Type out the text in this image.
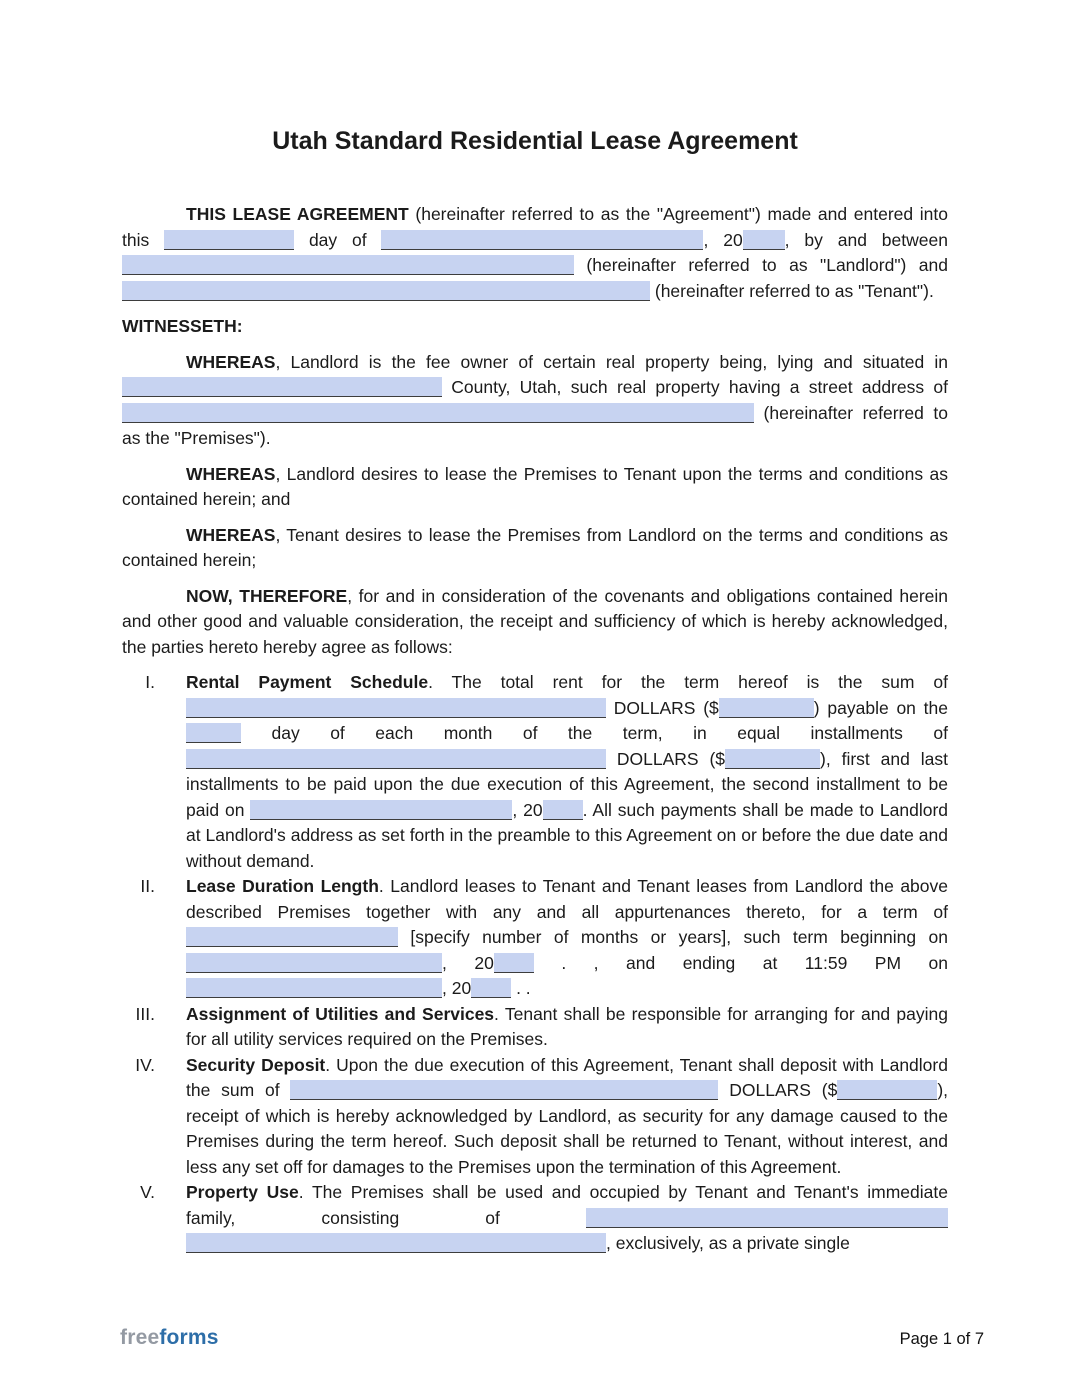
Utah Standard Residential Lease Agreement

THIS LEASE AGREEMENT (hereinafter referred to as the "Agreement") made and entered into this	day of	, 20 , by and between  (hereinafter referred to as "Landlord") and  (hereinafter referred to as "Tenant").

WITNESSETH:

WHEREAS, Landlord is the fee owner of certain real property being, lying and situated in  County, Utah, such real property having a street address of  (hereinafter referred to as the "Premises").

WHEREAS, Landlord desires to lease the Premises to Tenant upon the terms and conditions as contained herein; and

WHEREAS, Tenant desires to lease the Premises from Landlord on the terms and conditions as contained herein;

NOW, THEREFORE, for and in consideration of the covenants and obligations contained herein and other good and valuable consideration, the receipt and sufficiency of which is hereby acknowledged, the parties hereto hereby agree as follows:

I. Rental Payment Schedule. The total rent for the term hereof is the sum of  DOLLARS ($	) payable on the  day of each month of the term, in equal installments of  DOLLARS ($	), first and last installments to be paid upon the due execution of this Agreement, the second installment to be paid on	, 20 . All such payments shall be made to Landlord at Landlord's address as set forth in the preamble to this Agreement on or before the due date and without demand.
II. Lease Duration Length. Landlord leases to Tenant and Tenant leases from Landlord the above described Premises together with any and all appurtenances thereto, for a term of  [specify number of months or years], such term beginning on , 20 . , and ending at 11:59 PM on , 20 . .
III. Assignment of Utilities and Services. Tenant shall be responsible for arranging for and paying for all utility services required on the Premises.
IV. Security Deposit. Upon the due execution of this Agreement, Tenant shall deposit with Landlord the sum of	DOLLARS ($	), receipt of which is hereby acknowledged by Landlord, as security for any damage caused to the Premises during the term hereof. Such deposit shall be returned to Tenant, without interest, and less any set off for damages to the Premises upon the termination of this Agreement.
V. Property Use. The Premises shall be used and occupied by Tenant and Tenant's immediate family, consisting of  , exclusively, as a private single
freeforms	Page 1 of 7
